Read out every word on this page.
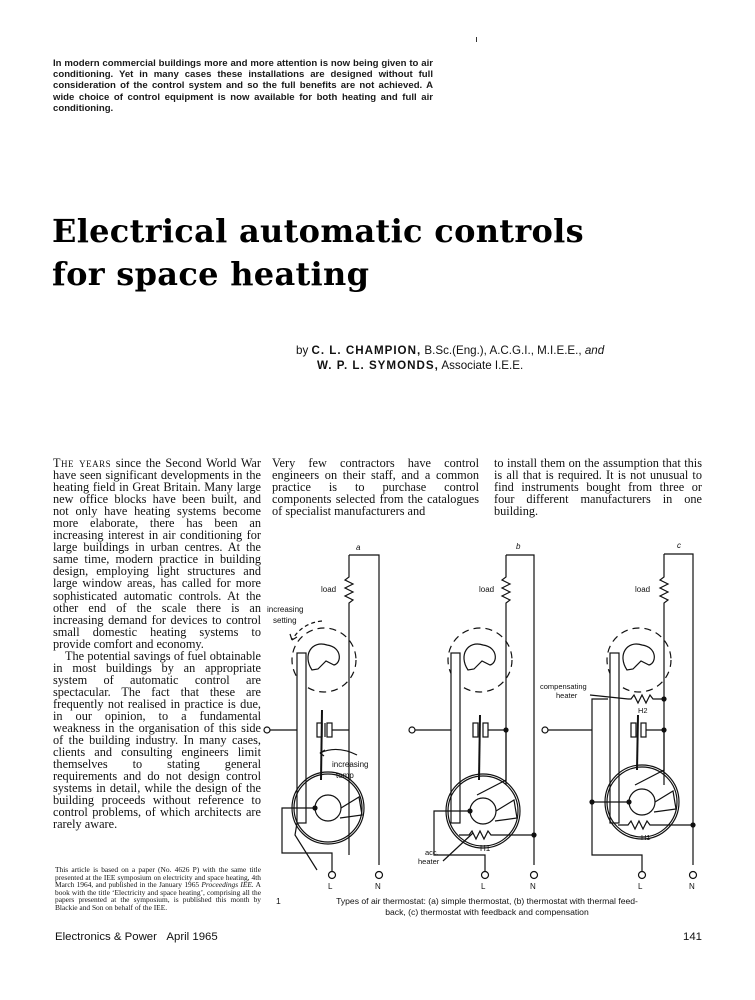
In modern commercial buildings more and more attention is now being given to air conditioning. Yet in many cases these installations are designed without full consideration of the control system and so the full benefits are not achieved. A wide choice of control equipment is now available for both heating and full air conditioning.
Electrical automatic controls
for space heating
by C. L. CHAMPION, B.Sc.(Eng.), A.C.G.I., M.I.E.E., and
W. P. L. SYMONDS, Associate I.E.E.

The years since the Second World War have seen significant developments in the heating field in Great Britain. Many large new office blocks have been built, and not only have heating systems become more elaborate, there has been an increasing interest in air conditioning for large buildings in urban centres. At the same time, modern practice in building design, employing light structures and large window areas, has called for more sophisticated automatic controls. At the other end of the scale there is an increasing demand for devices to control small domestic heating systems to provide comfort and economy.

The potential savings of fuel obtainable in most buildings by an appropriate system of automatic control are spectacular. The fact that these are frequently not realised in practice is due, in our opinion, to a fundamental weakness in the organisation of this side of the building industry. In many cases, clients and consulting engineers limit themselves to stating general requirements and do not design control systems in detail, while the design of the building proceeds without reference to control problems, of which architects are rarely aware.

Very few contractors have control engineers on their staff, and a common practice is to purchase control components selected from the catalogues of specialist manufacturers and

to install them on the assumption that this is all that is required. It is not unusual to find instruments bought from three or four different manufacturers in one building.

This article is based on a paper (No. 4626 P) with the same title presented at the IEE symposium on electricity and space heating, 4th March 1964, and published in the January 1965 Proceedings IEE. A book with the title ‘Electricity and space heating’, comprising all the papers presented at the symposium, is published this month by Blackie and Son on behalf of the IEE.
a
load
increasing
setting
increasing
temp
L	N
b
load
H1
acc.
heater
L	N
c
load
compensating
heater
H2
H1
L	N
1	Types of air thermostat: (a) simple thermostat, (b) thermostat with thermal feed-
back, (c) thermostat with feedback and compensation
Electronics & Power April 1965	141
